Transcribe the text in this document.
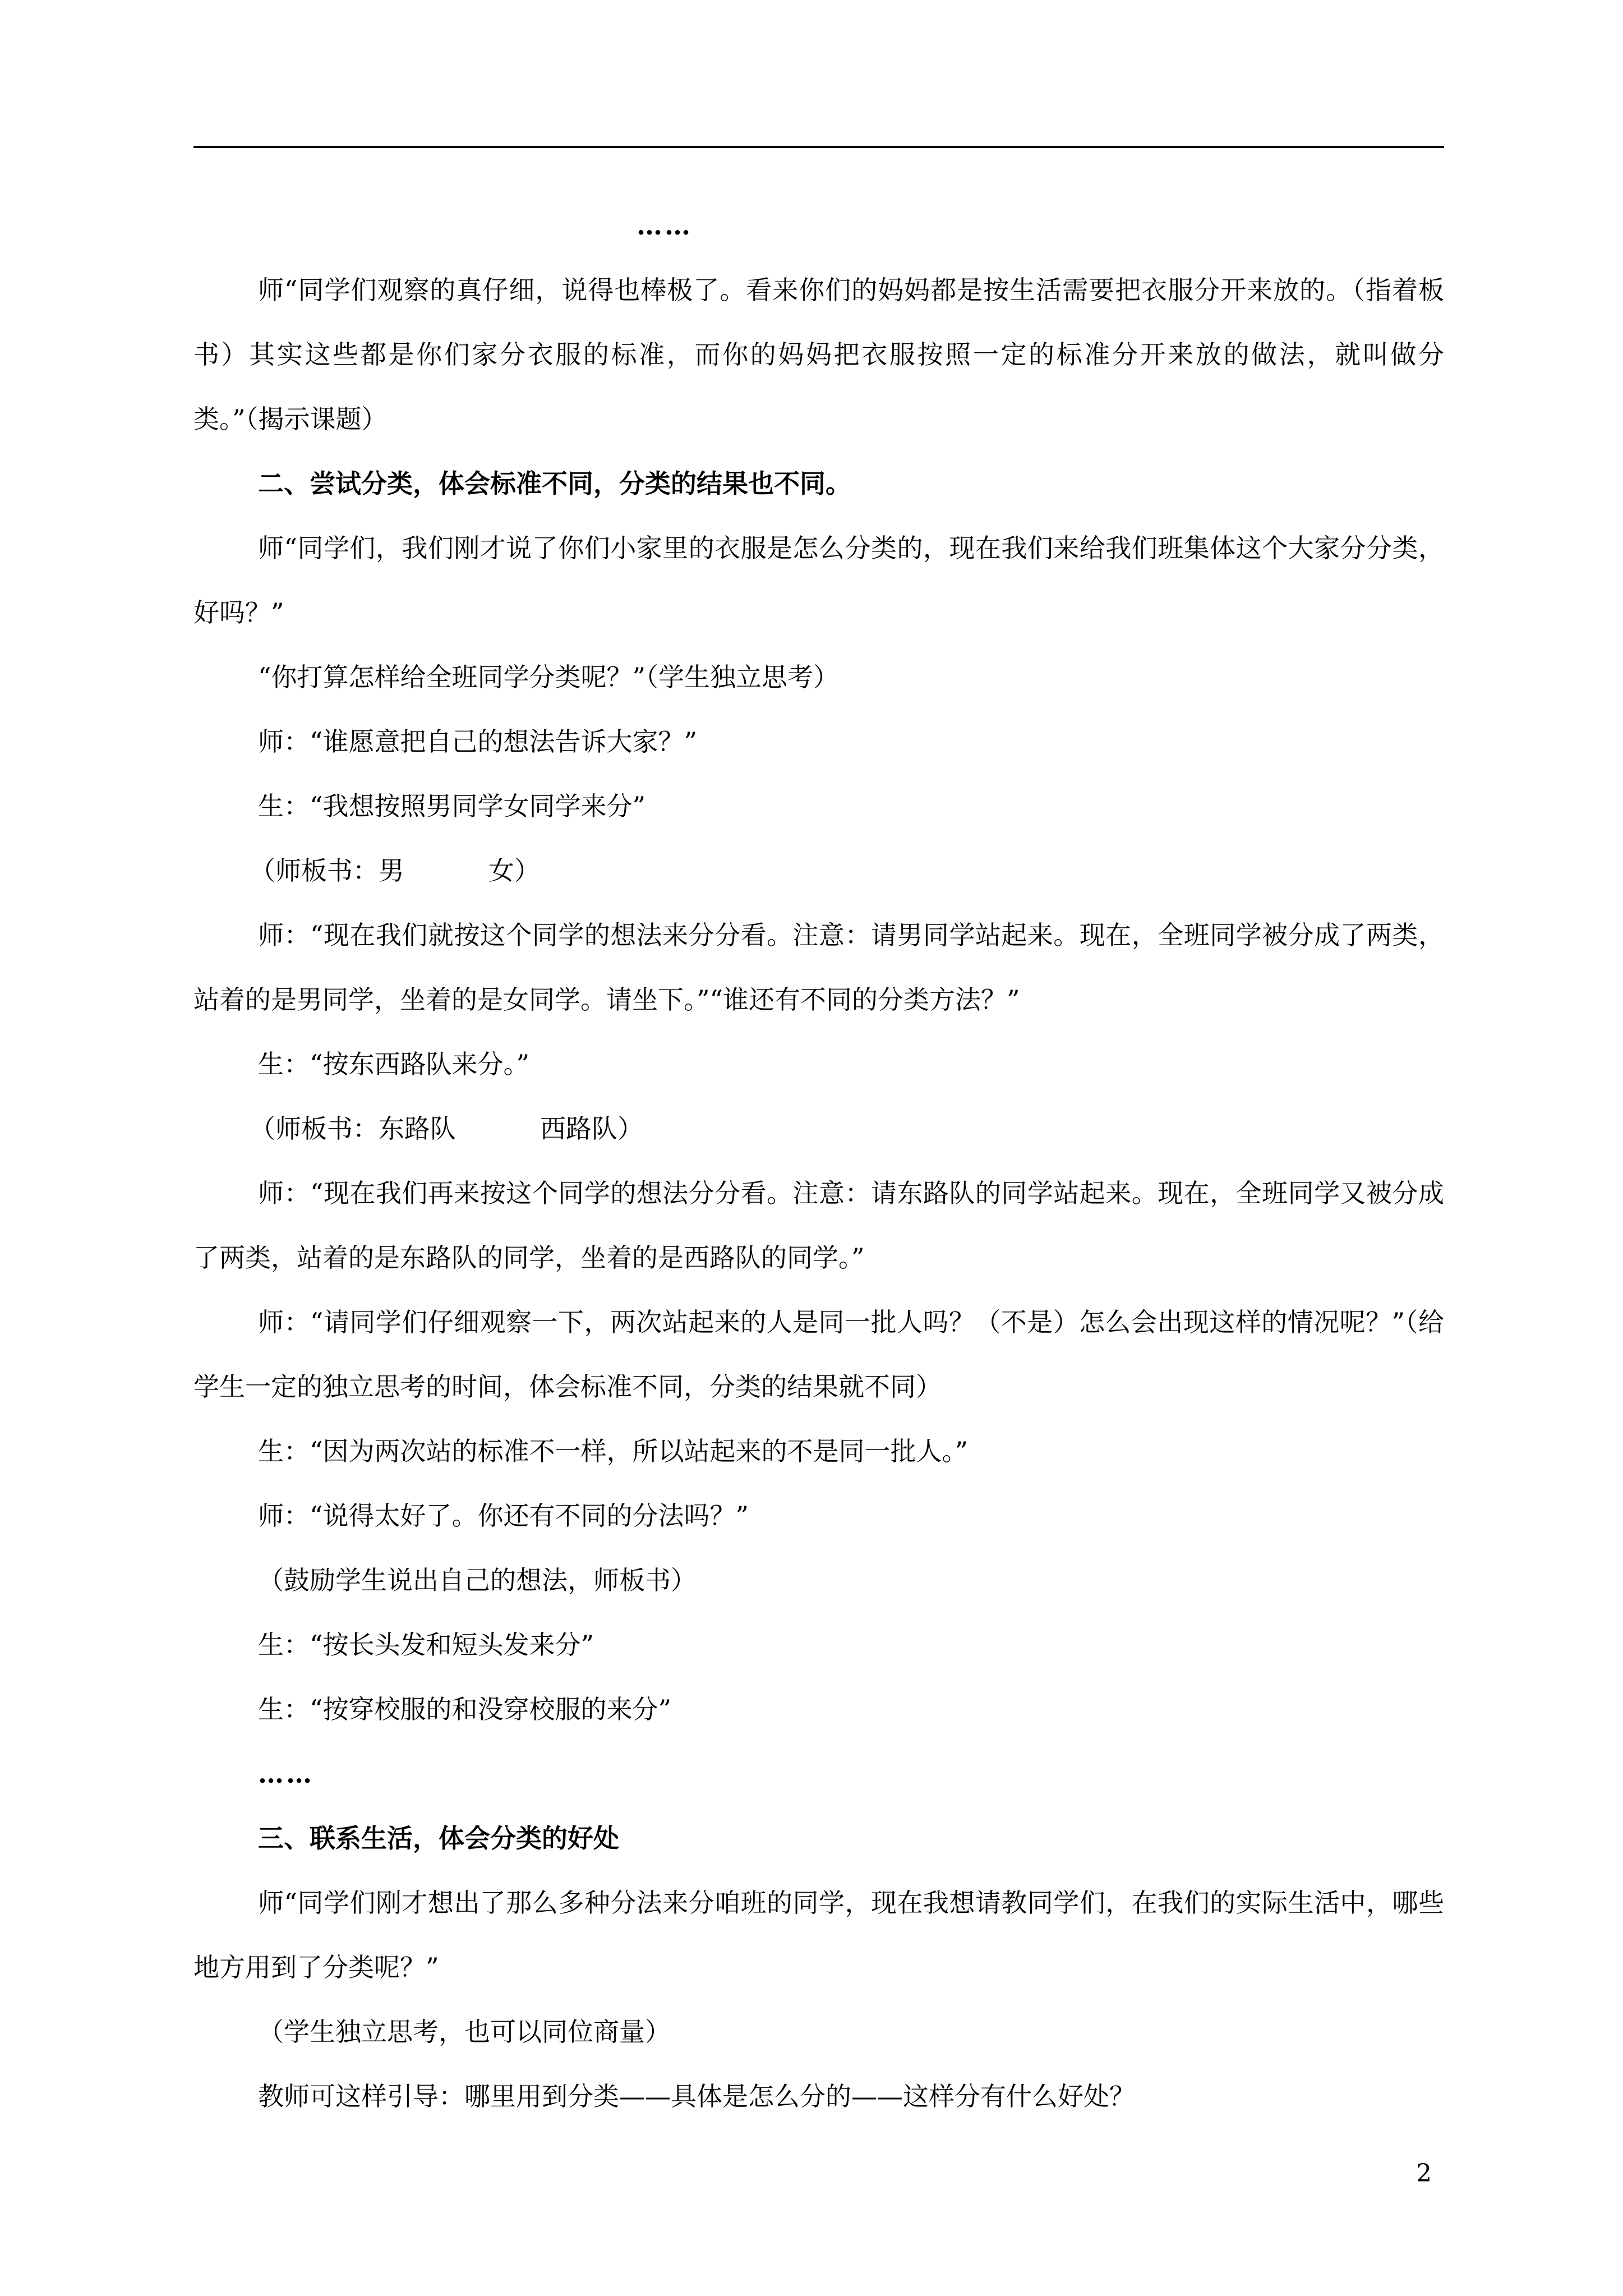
……

师“同学们观察的真仔细，说得也棒极了。看来你们的妈妈都是按生活需要把衣服分开来放的。（指着板书）其实这些都是你们家分衣服的标准，而你的妈妈把衣服按照一定的标准分开来放的做法，就叫做分类。”（揭示课题）

二、尝试分类，体会标准不同，分类的结果也不同。

师“同学们，我们刚才说了你们小家里的衣服是怎么分类的，现在我们来给我们班集体这个大家分分类，好吗？”

“你打算怎样给全班同学分类呢？”（学生独立思考）

师：“谁愿意把自己的想法告诉大家？”

生：“我想按照男同学女同学来分”

（师板书：男	女）

师：“现在我们就按这个同学的想法来分分看。注意：请男同学站起来。现在，全班同学被分成了两类，站着的是男同学，坐着的是女同学。请坐下。”“谁还有不同的分类方法？”

生：“按东西路队来分。”

（师板书：东路队	西路队）

师：“现在我们再来按这个同学的想法分分看。注意：请东路队的同学站起来。现在，全班同学又被分成了两类，站着的是东路队的同学，坐着的是西路队的同学。”

师：“请同学们仔细观察一下，两次站起来的人是同一批人吗？（不是）怎么会出现这样的情况呢？”（给学生一定的独立思考的时间，体会标准不同，分类的结果就不同）

生：“因为两次站的标准不一样，所以站起来的不是同一批人。”

师：“说得太好了。你还有不同的分法吗？”

（鼓励学生说出自己的想法，师板书）

生：“按长头发和短头发来分”

生：“按穿校服的和没穿校服的来分”

……

三、联系生活，体会分类的好处

师“同学们刚才想出了那么多种分法来分咱班的同学，现在我想请教同学们，在我们的实际生活中，哪些地方用到了分类呢？”

（学生独立思考，也可以同位商量）

教师可这样引导：哪里用到分类——具体是怎么分的——这样分有什么好处？

2
